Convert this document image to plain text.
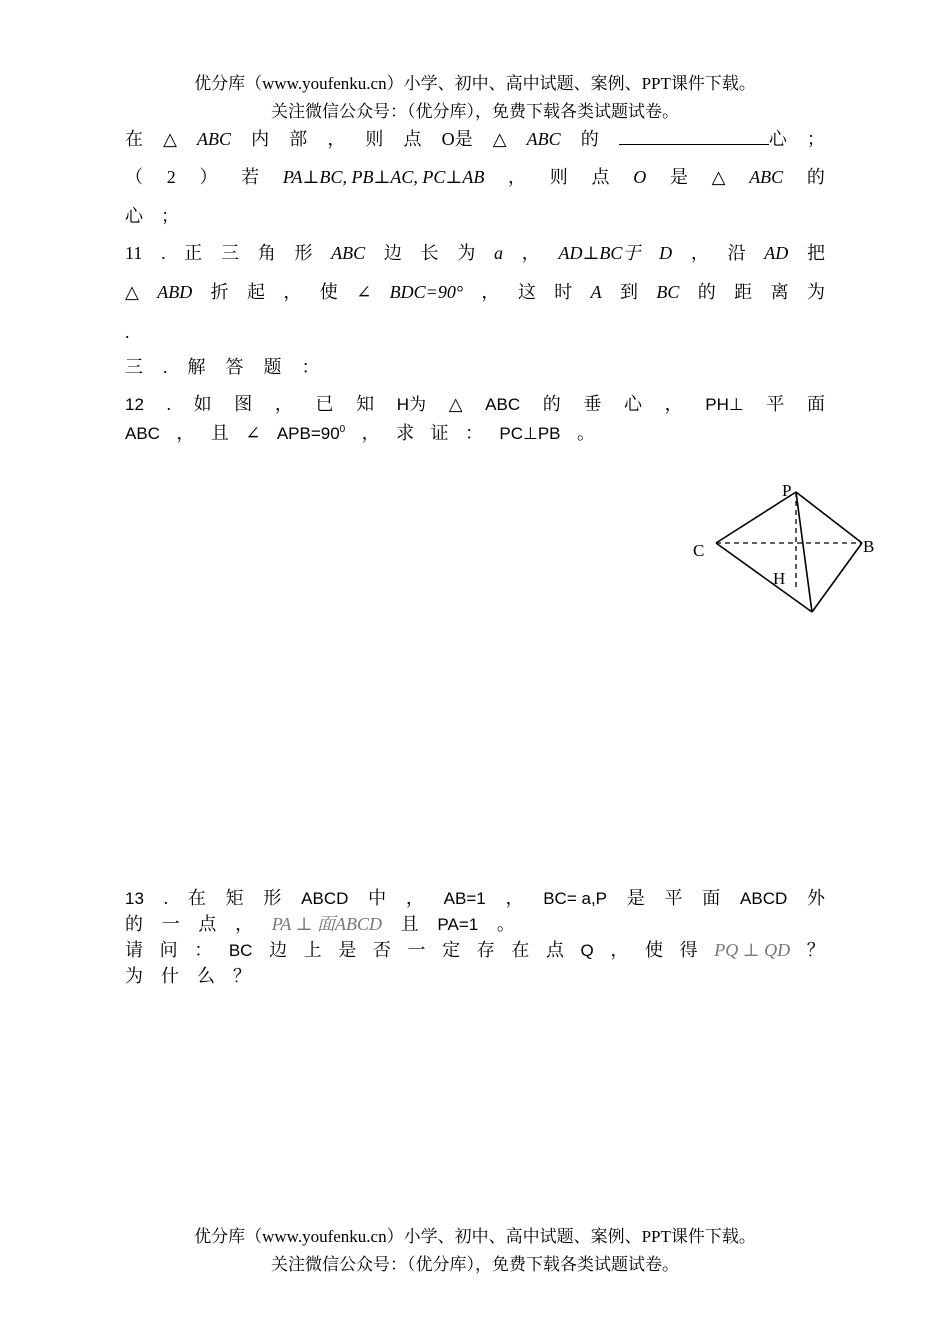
优分库（www.youfenku.cn）小学、初中、高中试题、案例、PPT课件下载。
关注微信公众号：（优分库），免费下载各类试题试卷。
在 △ ABC 内 部 ， 则 点 O是 △ ABC 的	心 ；
（ 2 ） 若 PA⊥BC, PB⊥AC, PC⊥AB ， 则 点 O 是 △ ABC 的
心 ；
11 . 正 三 角 形 ABC 边 长 为 a ， AD⊥BC于 D ， 沿 AD 把
△ ABD 折 起 ， 使 ∠ BDC=90° ， 这 时 A 到 BC 的 距 离 为
.
三 . 解 答 题 ：
12 . 如 图 ， 已 知 H为 △ ABC 的 垂 心 ， PH⊥ 平 面
ABC ， 且 ∠ $APB=90^0$ ， 求 证 ： PC⊥PB 。
P
C	B
H
13 . 在 矩 形 ABCD 中 ， AB=1 ， BC= a,P 是 平 面 ABCD 外
的 一 点 ， PA ⊥ 面ABCD 且 PA=1 。
请 问 ： BC 边 上 是 否 一 定 存 在 点 Q ， 使 得 PQ ⊥ QD ？
为 什 么 ？
优分库（www.youfenku.cn）小学、初中、高中试题、案例、PPT课件下载。
关注微信公众号：（优分库），免费下载各类试题试卷。
